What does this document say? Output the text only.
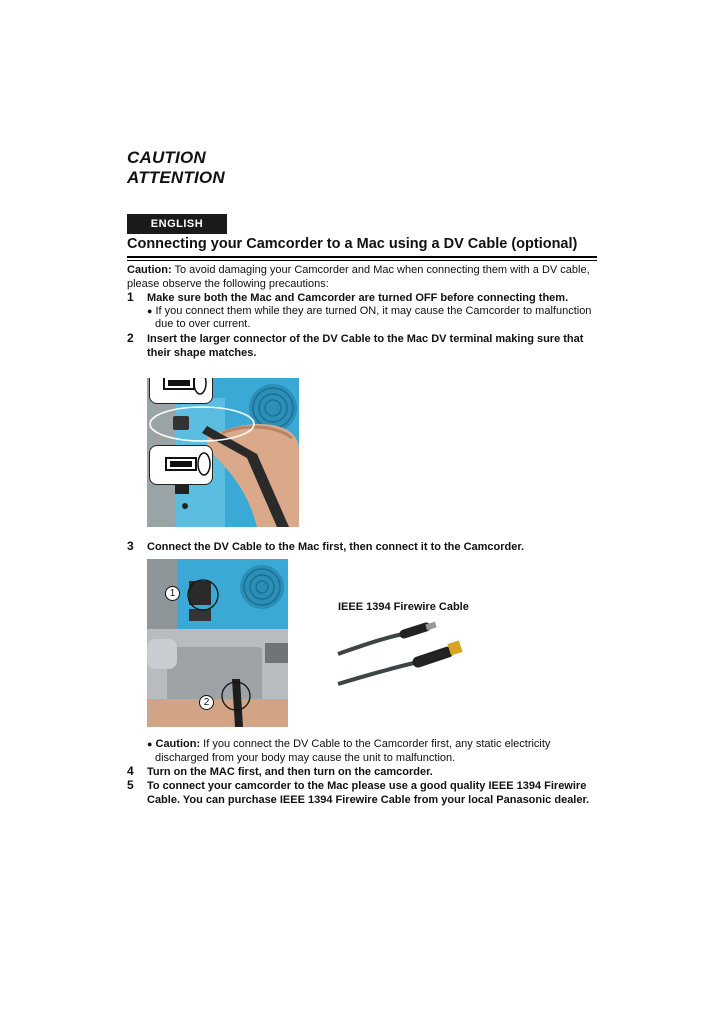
CAUTION
ATTENTION
ENGLISH
Connecting your Camcorder to a Mac using a DV Cable (optional)
Caution: To avoid damaging your Camcorder and Mac when connecting them with a DV cable,
please observe the following precautions:
1 Make sure both the Mac and Camcorder are turned OFF before connecting them.
● If you connect them while they are turned ON, it may cause the Camcorder to malfunction
due to over current.
2 Insert the larger connector of the DV Cable to the Mac DV terminal making sure that
their shape matches.
3 Connect the DV Cable to the Mac first, then connect it to the Camcorder.
1
2
IEEE 1394 Firewire Cable
● Caution: If you connect the DV Cable to the Camcorder first, any static electricity
discharged from your body may cause the unit to malfunction.
4 Turn on the MAC first, and then turn on the camcorder.
5 To connect your camcorder to the Mac please use a good quality IEEE 1394 Firewire
Cable. You can purchase IEEE 1394 Firewire Cable from your local Panasonic dealer.
